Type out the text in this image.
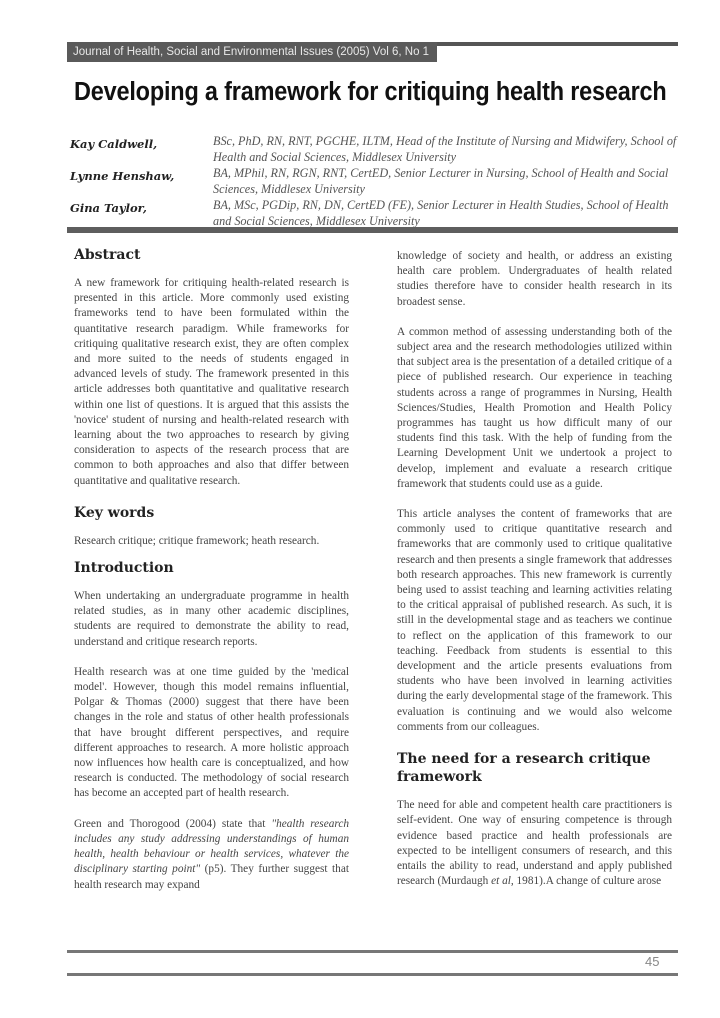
Journal of Health, Social and Environmental Issues (2005) Vol 6, No 1
Developing a framework for critiquing health research
Kay Caldwell,	BSc, PhD, RN, RNT, PGCHE, ILTM, Head of the Institute of Nursing and Midwifery, School of Health and Social Sciences, Middlesex University
Lynne Henshaw,	BA, MPhil, RN, RGN, RNT, CertED, Senior Lecturer in Nursing, School of Health and Social Sciences, Middlesex University
Gina Taylor,	BA, MSc, PGDip, RN, DN, CertED (FE), Senior Lecturer in Health Studies, School of Health and Social Sciences, Middlesex University
Abstract

A new framework for critiquing health-related research is presented in this article. More commonly used existing frameworks tend to have been formulated within the quantitative research paradigm. While frameworks for critiquing qualitative research exist, they are often complex and more suited to the needs of students engaged in advanced levels of study. The framework presented in this article addresses both quantitative and qualitative research within one list of questions. It is argued that this assists the 'novice' student of nursing and health-related research with learning about the two approaches to research by giving consideration to aspects of the research process that are common to both approaches and also that differ between quantitative and qualitative research.

Key words

Research critique; critique framework; heath research.

Introduction

When undertaking an undergraduate programme in health related studies, as in many other academic disciplines, students are required to demonstrate the ability to read, understand and critique research reports.

Health research was at one time guided by the 'medical model'. However, though this model remains influential, Polgar & Thomas (2000) suggest that there have been changes in the role and status of other health professionals that have brought different perspectives, and require different approaches to research. A more holistic approach now influences how health care is conceptualized, and how research is conducted. The methodology of social research has become an accepted part of health research.

Green and Thorogood (2004) state that "health research includes any study addressing understandings of human health, health behaviour or health services, whatever the disciplinary starting point" (p5). They further suggest that health research may expand

knowledge of society and health, or address an existing health care problem. Undergraduates of health related studies therefore have to consider health research in its broadest sense.

A common method of assessing understanding both of the subject area and the research methodologies utilized within that subject area is the presentation of a detailed critique of a piece of published research. Our experience in teaching students across a range of programmes in Nursing, Health Sciences/Studies, Health Promotion and Health Policy programmes has taught us how difficult many of our students find this task. With the help of funding from the Learning Development Unit we undertook a project to develop, implement and evaluate a research critique framework that students could use as a guide.

This article analyses the content of frameworks that are commonly used to critique quantitative research and frameworks that are commonly used to critique qualitative research and then presents a single framework that addresses both research approaches. This new framework is currently being used to assist teaching and learning activities relating to the critical appraisal of published research. As such, it is still in the developmental stage and as teachers we continue to reflect on the application of this framework to our teaching. Feedback from students is essential to this development and the article presents evaluations from students who have been involved in learning activities during the early developmental stage of the framework. This evaluation is continuing and we would also welcome comments from our colleagues.

The need for a research critique framework

The need for able and competent health care practitioners is self-evident. One way of ensuring competence is through evidence based practice and health professionals are expected to be intelligent consumers of research, and this entails the ability to read, understand and apply published research (Murdaugh et al, 1981).A change of culture arose

45
